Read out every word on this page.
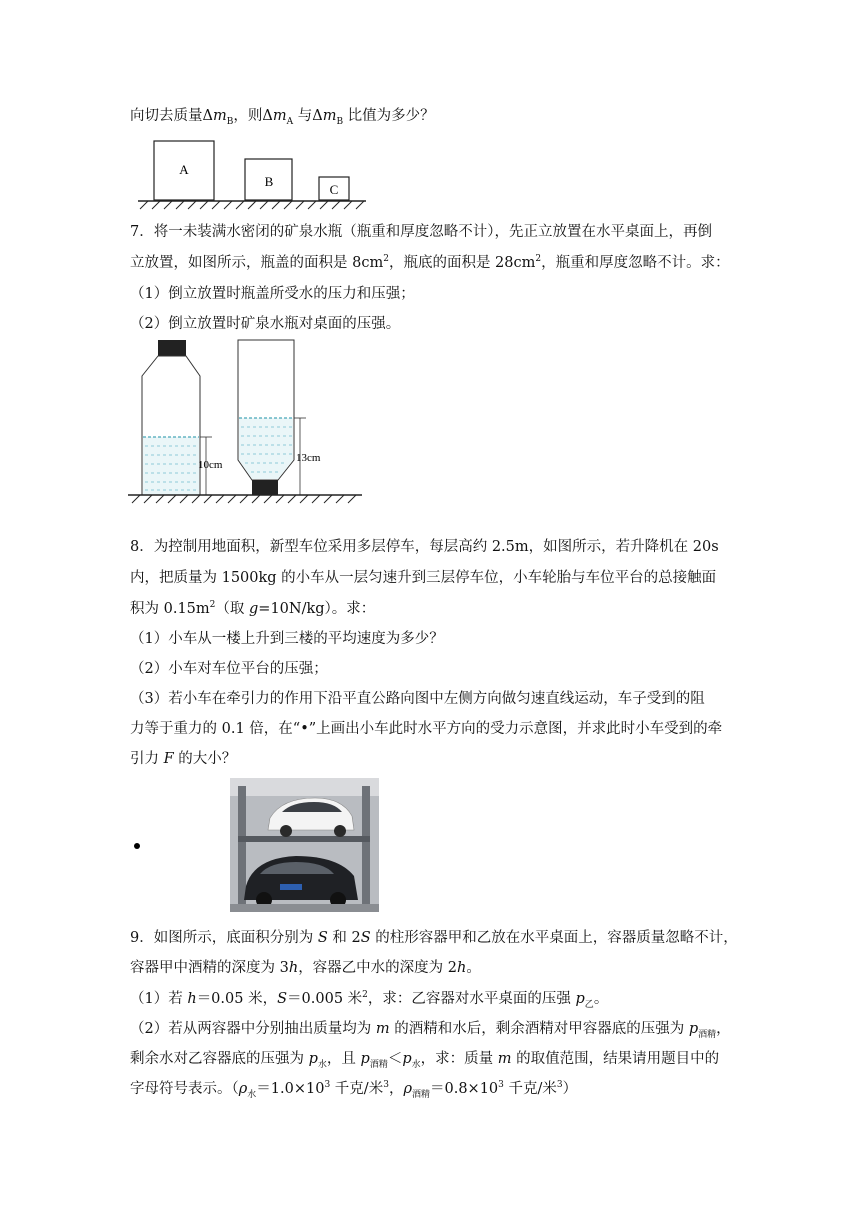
向切去质量$\Delta m_B$，则$\Delta m_A$ 与$\Delta m_B$ 比值为多少？
A
B
C
7．将一未装满水密闭的矿泉水瓶（瓶重和厚度忽略不计），先正立放置在水平桌面上，再倒
立放置，如图所示，瓶盖的面积是 $8cm^2$，瓶底的面积是 $28cm^2$，瓶重和厚度忽略不计。求：
（1）倒立放置时瓶盖所受水的压力和压强；
（2）倒立放置时矿泉水瓶对桌面的压强。
10cm
13cm
8．为控制用地面积，新型车位采用多层停车，每层高约 2.5m，如图所示，若升降机在 20s
内，把质量为 1500kg 的小车从一层匀速升到三层停车位，小车轮胎与车位平台的总接触面
积为 $0.15m^2$（取 g=10N/kg）。求：
（1）小车从一楼上升到三楼的平均速度为多少？
（2）小车对车位平台的压强；
（3）若小车在牵引力的作用下沿平直公路向图中左侧方向做匀速直线运动，车子受到的阻
力等于重力的 0.1 倍，在“•”上画出小车此时水平方向的受力示意图，并求此时小车受到的牵
引力 F 的大小？
9．如图所示，底面积分别为 S 和 2S 的柱形容器甲和乙放在水平桌面上，容器质量忽略不计，
容器甲中酒精的深度为 3h，容器乙中水的深度为 2h。
（1）若 h＝0.05 米，S＝0.005 米$^2$，求：乙容器对水平桌面的压强 $p_乙$。
（2）若从两容器中分别抽出质量均为 m 的酒精和水后，剩余酒精对甲容器底的压强为 $p_{酒精}$，
剩余水对乙容器底的压强为 $p_水$，且 $p_{酒精}<p_水$，求：质量 m 的取值范围，结果请用题目中的
字母符号表示。（$\rho_水=1.0\times 10^3$ 千克/米$^3$，$\rho_{酒精}=0.8\times 10^3$ 千克/米$^3$）
